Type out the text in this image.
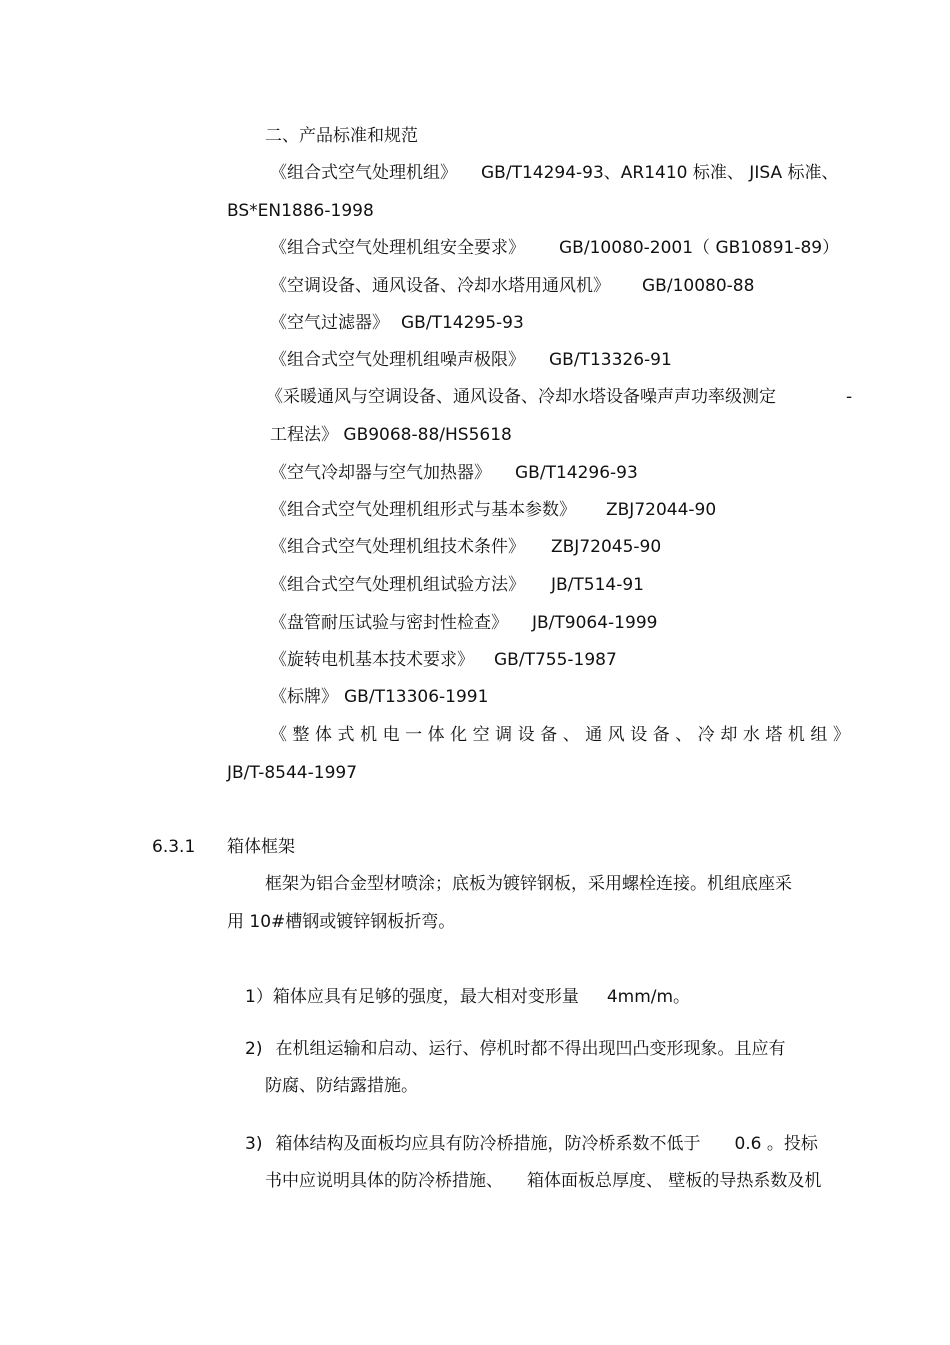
二、产品标准和规范
《组合式空气处理机组》 GB/T14294-93、AR1410 标准、 JISA 标准、
BS*EN1886-1998
《组合式空气处理机组安全要求》 GB/10080-2001（ GB10891-89）
《空调设备、通风设备、冷却水塔用通风机》 GB/10080-88
《空气过滤器》 GB/T14295-93
《组合式空气处理机组噪声极限》 GB/T13326-91
《采暖通风与空调设备、通风设备、冷却水塔设备噪声声功率级测定	-
工程法》 GB9068-88/HS5618
《空气冷却器与空气加热器》 GB/T14296-93
《组合式空气处理机组形式与基本参数》 ZBJ72044-90
《组合式空气处理机组技术条件》 ZBJ72045-90
《组合式空气处理机组试验方法》 JB/T514-91
《盘管耐压试验与密封性检查》 JB/T9064-1999
《旋转电机基本技术要求》 GB/T755-1987
《标牌》 GB/T13306-1991
《 整 体 式 机 电 一 体 化 空 调 设 备 、 通 风 设 备 、 冷 却 水 塔 机 组 》
JB/T-8544-1997
6.3.1 箱体框架
框架为铝合金型材喷涂；底板为镀锌钢板，采用螺栓连接。机组底座采
用 10#槽钢或镀锌钢板折弯。
1）箱体应具有足够的强度，最大相对变形量 4mm/m。
2) 在机组运输和启动、运行、停机时都不得出现凹凸变形现象。且应有
防腐、防结露措施。
3) 箱体结构及面板均应具有防冷桥措施，防冷桥系数不低于 0.6 。投标
书中应说明具体的防冷桥措施、 箱体面板总厚度、 壁板的导热系数及机
